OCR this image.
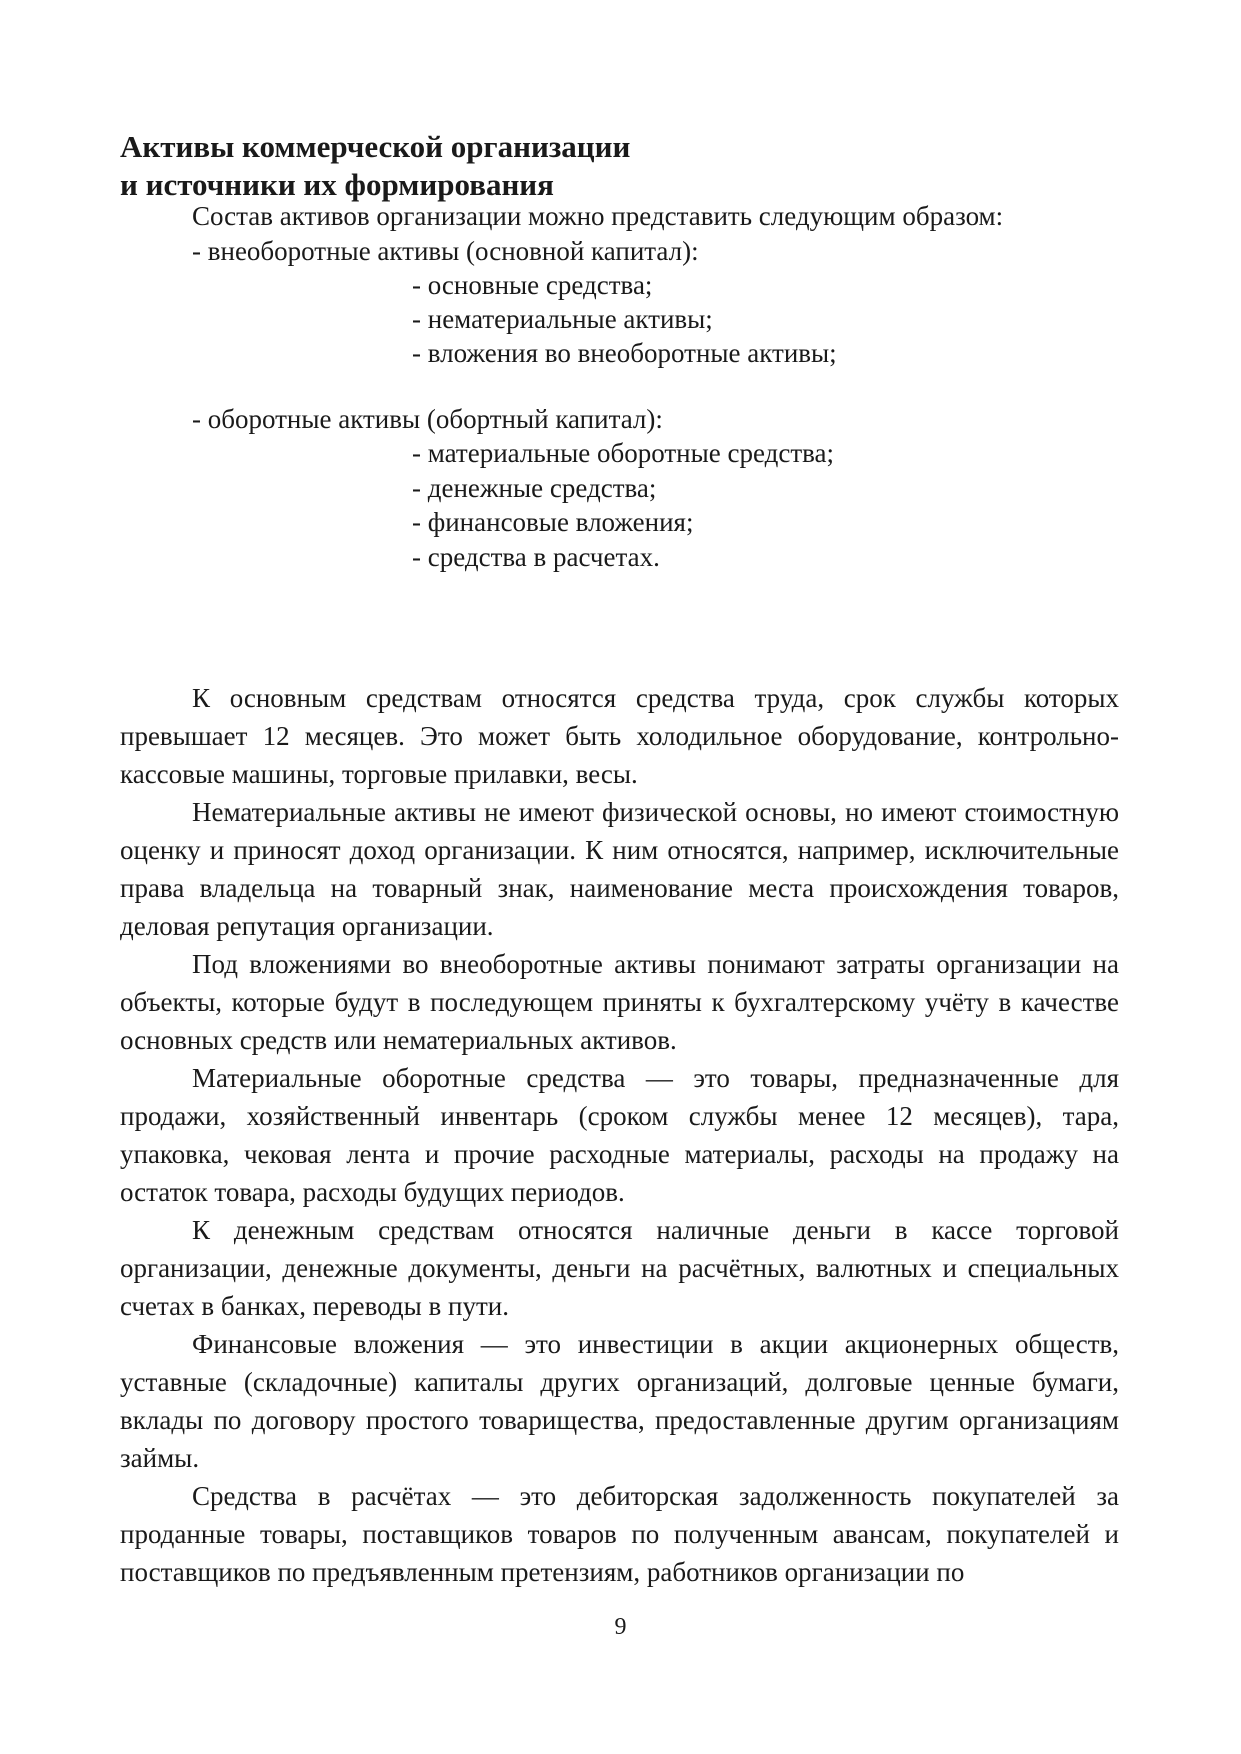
Активы коммерческой организации
и источники их формирования

Состав активов организации можно представить следующим образом:

- внеоборотные активы (основной капитал):

- основные средства;

- нематериальные активы;

- вложения во внеоборотные активы;

- оборотные активы (обортный капитал):

- материальные оборотные средства;

- денежные средства;

- финансовые вложения;

- средства в расчетах.

К основным средствам относятся средства труда, срок службы которых превышает 12 месяцев. Это может быть холодильное оборудование, контрольно-кассовые машины, торговые прилавки, весы.

Нематериальные активы не имеют физической основы, но имеют стоимостную оценку и приносят доход организации. К ним относятся, например, исключительные права владельца на товарный знак, наименование места происхождения товаров, деловая репутация организации.

Под вложениями во внеоборотные активы понимают затраты организации на объекты, которые будут в последующем приняты к бухгалтерскому учёту в качестве основных средств или нематериальных активов.

Материальные оборотные средства — это товары, предназначенные для продажи, хозяйственный инвентарь (сроком службы менее 12 месяцев), тара, упаковка, чековая лента и прочие расходные материалы, расходы на продажу на остаток товара, расходы будущих периодов.

К денежным средствам относятся наличные деньги в кассе торговой организации, денежные документы, деньги на расчётных, валютных и специальных счетах в банках, переводы в пути.

Финансовые вложения — это инвестиции в акции акционерных обществ, уставные (складочные) капиталы других организаций, долговые ценные бумаги, вклады по договору простого товарищества, предоставленные другим организациям займы.

Средства в расчётах — это дебиторская задолженность покупателей за проданные товары, поставщиков товаров по полученным авансам, покупателей и поставщиков по предъявленным претензиям, работников организации по

9
